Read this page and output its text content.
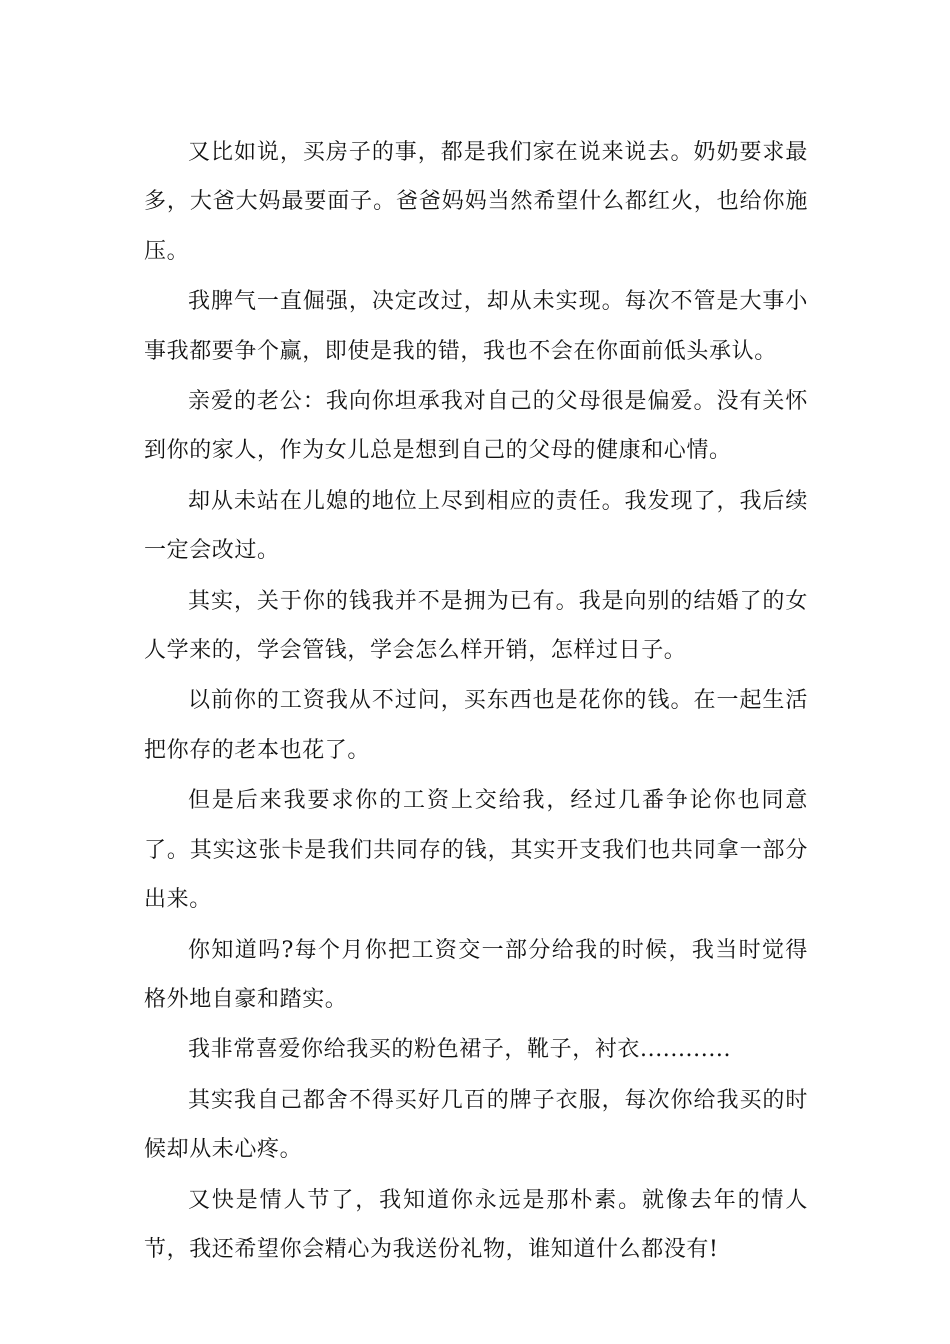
又比如说，买房子的事，都是我们家在说来说去。奶奶要求最多，大爸大妈最要面子。爸爸妈妈当然希望什么都红火，也给你施压。

我脾气一直倔强，决定改过，却从未实现。每次不管是大事小事我都要争个赢，即使是我的错，我也不会在你面前低头承认。

亲爱的老公：我向你坦承我对自己的父母很是偏爱。没有关怀到你的家人，作为女儿总是想到自己的父母的健康和心情。

却从未站在儿媳的地位上尽到相应的责任。我发现了，我后续一定会改过。

其实，关于你的钱我并不是拥为已有。我是向别的结婚了的女人学来的，学会管钱，学会怎么样开销，怎样过日子。

以前你的工资我从不过问，买东西也是花你的钱。在一起生活把你存的老本也花了。

但是后来我要求你的工资上交给我，经过几番争论你也同意了。其实这张卡是我们共同存的钱，其实开支我们也共同拿一部分出来。

你知道吗?每个月你把工资交一部分给我的时候，我当时觉得格外地自豪和踏实。

我非常喜爱你给我买的粉色裙子，靴子，衬衣............

其实我自己都舍不得买好几百的牌子衣服，每次你给我买的时候却从未心疼。

又快是情人节了，我知道你永远是那朴素。就像去年的情人节，我还希望你会精心为我送份礼物，谁知道什么都没有!
